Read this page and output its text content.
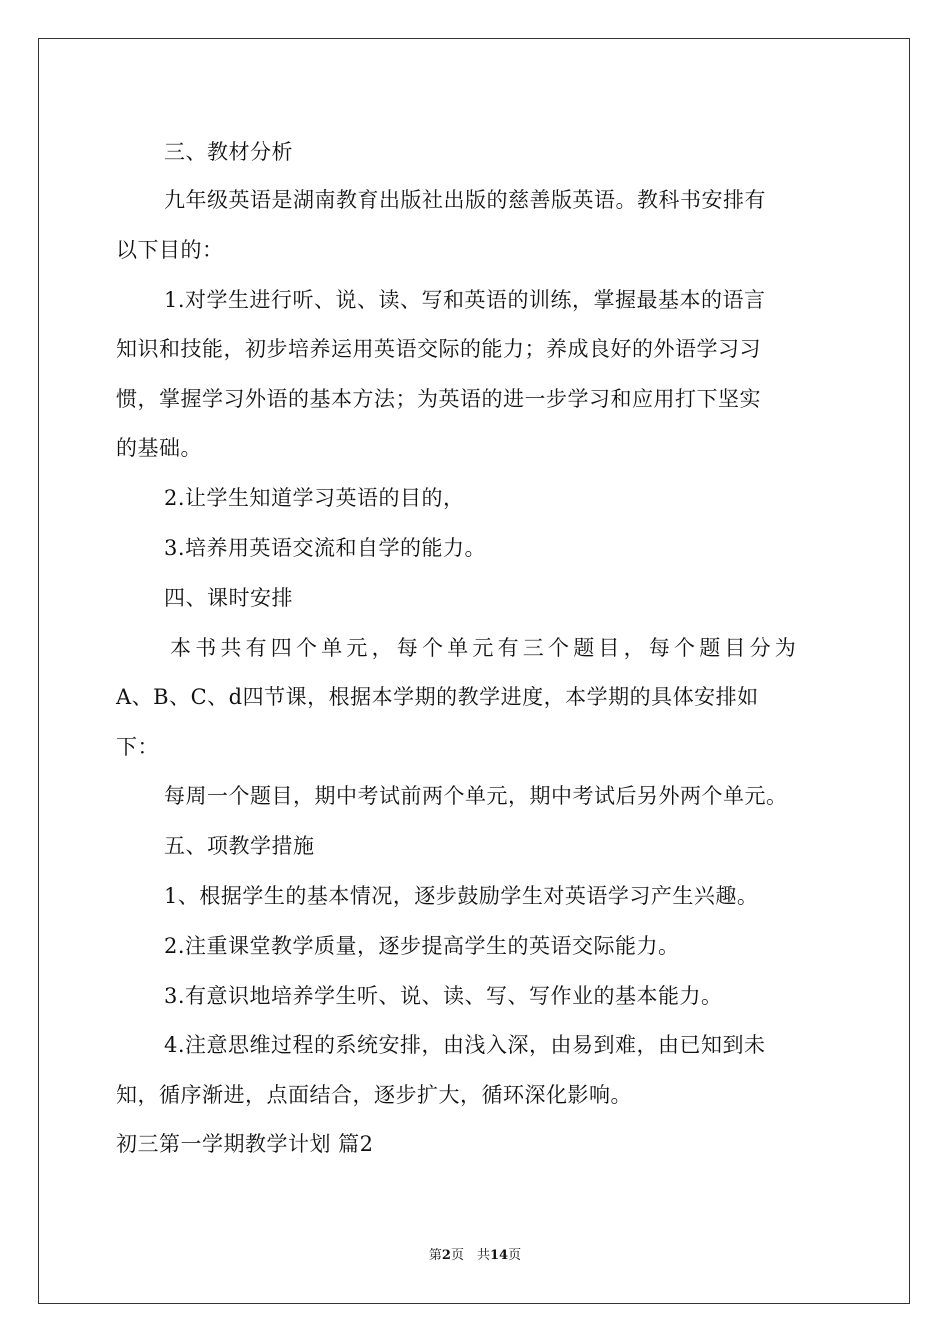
三、教材分析
九年级英语是湖南教育出版社出版的慈善版英语。教科书安排有
以下目的：
1.对学生进行听、说、读、写和英语的训练，掌握最基本的语言
知识和技能，初步培养运用英语交际的能力；养成良好的外语学习习
惯，掌握学习外语的基本方法；为英语的进一步学习和应用打下坚实
的基础。
2.让学生知道学习英语的目的，
3.培养用英语交流和自学的能力。
四、课时安排
本书共有四个单元，每个单元有三个题目，每个题目分为
A、B、C、d四节课，根据本学期的教学进度，本学期的具体安排如
下：
每周一个题目，期中考试前两个单元，期中考试后另外两个单元。
五、项教学措施
1、根据学生的基本情况，逐步鼓励学生对英语学习产生兴趣。
2.注重课堂教学质量，逐步提高学生的英语交际能力。
3.有意识地培养学生听、说、读、写、写作业的基本能力。
4.注意思维过程的系统安排，由浅入深，由易到难，由已知到未
知，循序渐进，点面结合，逐步扩大，循环深化影响。
初三第一学期教学计划 篇2
第2页　共14页
